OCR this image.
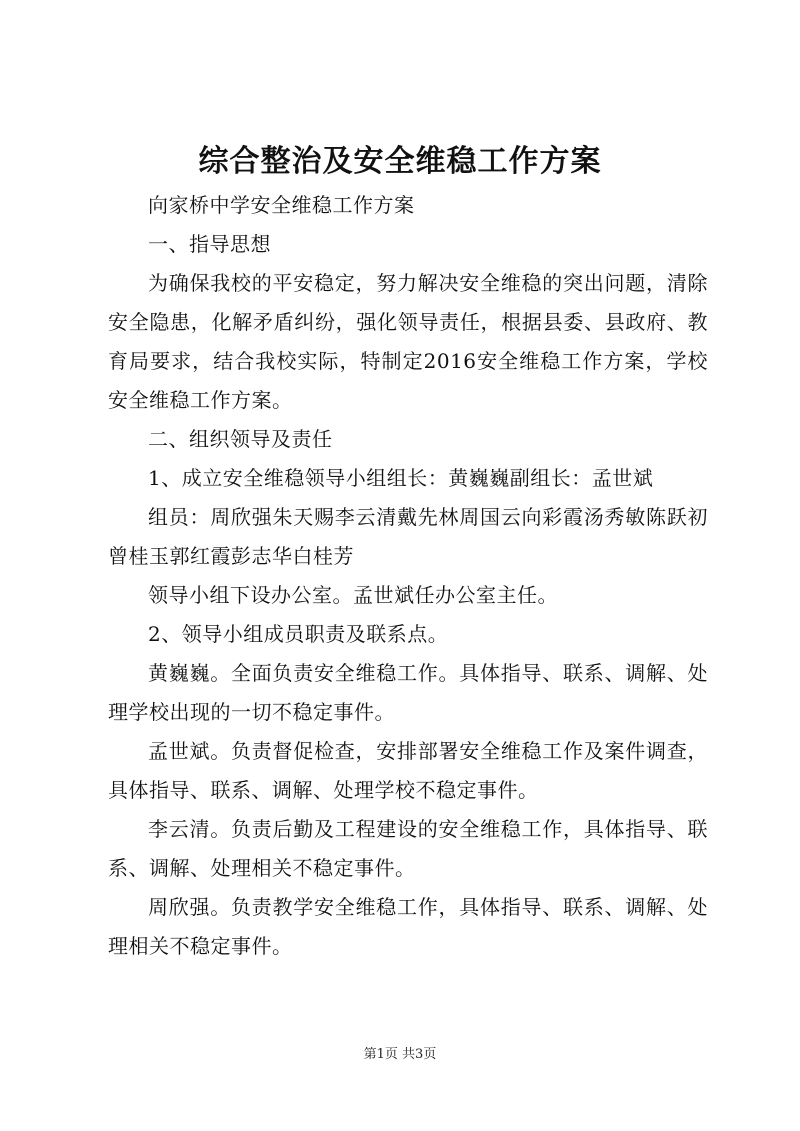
综合整治及安全维稳工作方案

向家桥中学安全维稳工作方案

一、指导思想

为确保我校的平安稳定，努力解决安全维稳的突出问题，清除安全隐患，化解矛盾纠纷，强化领导责任，根据县委、县政府、教育局要求，结合我校实际，特制定2016安全维稳工作方案，学校安全维稳工作方案。

二、组织领导及责任

1、成立安全维稳领导小组组长：黄巍巍副组长：孟世斌

组员：周欣强朱天赐李云清戴先林周国云向彩霞汤秀敏陈跃初曾桂玉郭红霞彭志华白桂芳

领导小组下设办公室。孟世斌任办公室主任。

2、领导小组成员职责及联系点。

黄巍巍。全面负责安全维稳工作。具体指导、联系、调解、处理学校出现的一切不稳定事件。

孟世斌。负责督促检查，安排部署安全维稳工作及案件调查，具体指导、联系、调解、处理学校不稳定事件。

李云清。负责后勤及工程建设的安全维稳工作，具体指导、联系、调解、处理相关不稳定事件。

周欣强。负责教学安全维稳工作，具体指导、联系、调解、处理相关不稳定事件。

第1页 共3页
